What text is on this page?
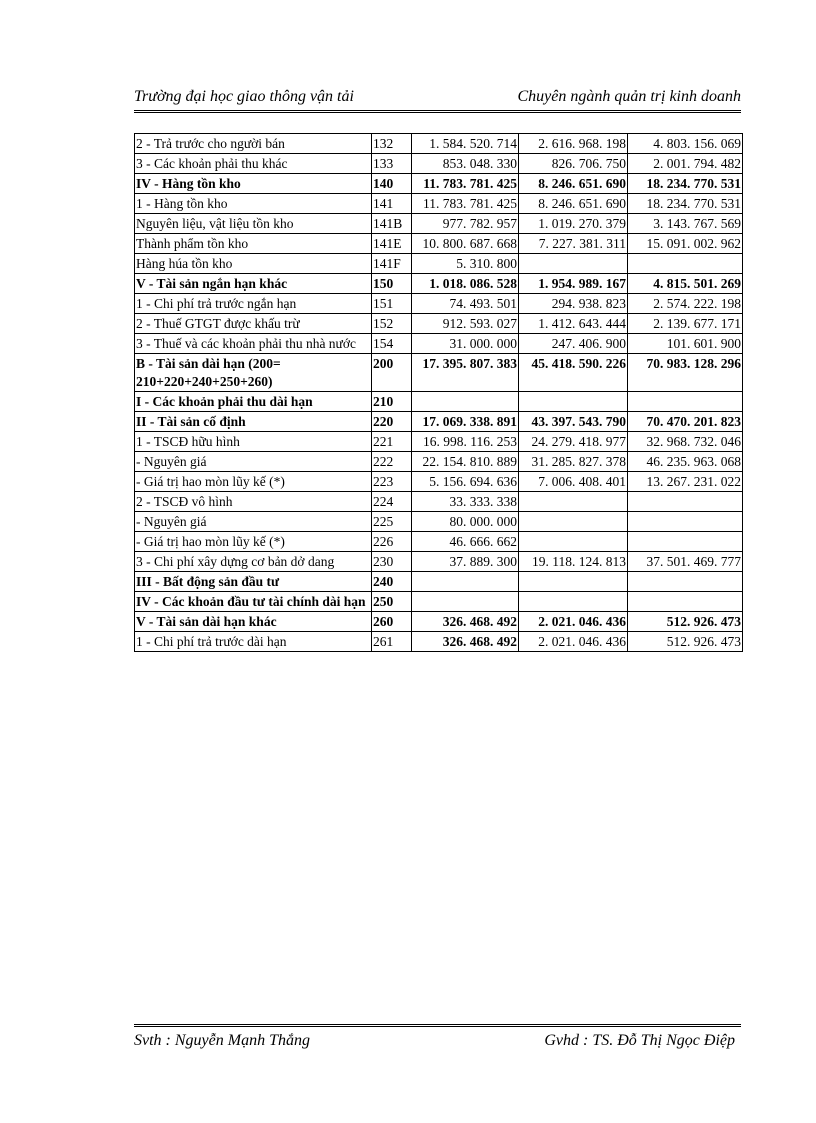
Trường đại học giao thông vận tải	Chuyên ngành quản trị kinh doanh
2 - Trả trước cho người bán	132	1. 584. 520. 714	2. 616. 968. 198	4. 803. 156. 069
3 - Các khoản phải thu khác	133	853. 048. 330	826. 706. 750	2. 001. 794. 482
IV - Hàng tồn kho	140	11. 783. 781. 425	8. 246. 651. 690	18. 234. 770. 531
1 - Hàng tồn kho	141	11. 783. 781. 425	8. 246. 651. 690	18. 234. 770. 531
Nguyên liệu, vật liệu tồn kho	141B	977. 782. 957	1. 019. 270. 379	3. 143. 767. 569
Thành phẩm tồn kho	141E	10. 800. 687. 668	7. 227. 381. 311	15. 091. 002. 962
Hàng húa tồn kho	141F	5. 310. 800		
V - Tài sản ngắn hạn khác	150	1. 018. 086. 528	1. 954. 989. 167	4. 815. 501. 269
1 - Chi phí trả trước ngắn hạn	151	74. 493. 501	294. 938. 823	2. 574. 222. 198
2 - Thuế GTGT được khấu trừ	152	912. 593. 027	1. 412. 643. 444	2. 139. 677. 171
3 - Thuế và các khoản phải thu nhà nước	154	31. 000. 000	247. 406. 900	101. 601. 900
B - Tài sản dài hạn (200= 210+220+240+250+260)	200	17. 395. 807. 383	45. 418. 590. 226	70. 983. 128. 296
I - Các khoản phải thu dài hạn	210			
II - Tài sản cố định	220	17. 069. 338. 891	43. 397. 543. 790	70. 470. 201. 823
1 - TSCĐ hữu hình	221	16. 998. 116. 253	24. 279. 418. 977	32. 968. 732. 046
- Nguyên giá	222	22. 154. 810. 889	31. 285. 827. 378	46. 235. 963. 068
- Giá trị hao mòn lũy kế (*)	223	5. 156. 694. 636	7. 006. 408. 401	13. 267. 231. 022
2 - TSCĐ vô hình	224	33. 333. 338		
- Nguyên giá	225	80. 000. 000		
- Giá trị hao mòn lũy kế (*)	226	46. 666. 662		
3 - Chi phí xây dựng cơ bản dở dang	230	37. 889. 300	19. 118. 124. 813	37. 501. 469. 777
III - Bất động sản đầu tư	240			
IV - Các khoản đầu tư tài chính dài hạn	250			
V - Tài sản dài hạn khác	260	326. 468. 492	2. 021. 046. 436	512. 926. 473
1 - Chi phí trả trước dài hạn	261	326. 468. 492	2. 021. 046. 436	512. 926. 473
Svth : Nguyễn Mạnh Thắng	Gvhd : TS. Đỗ Thị Ngọc Điệp
